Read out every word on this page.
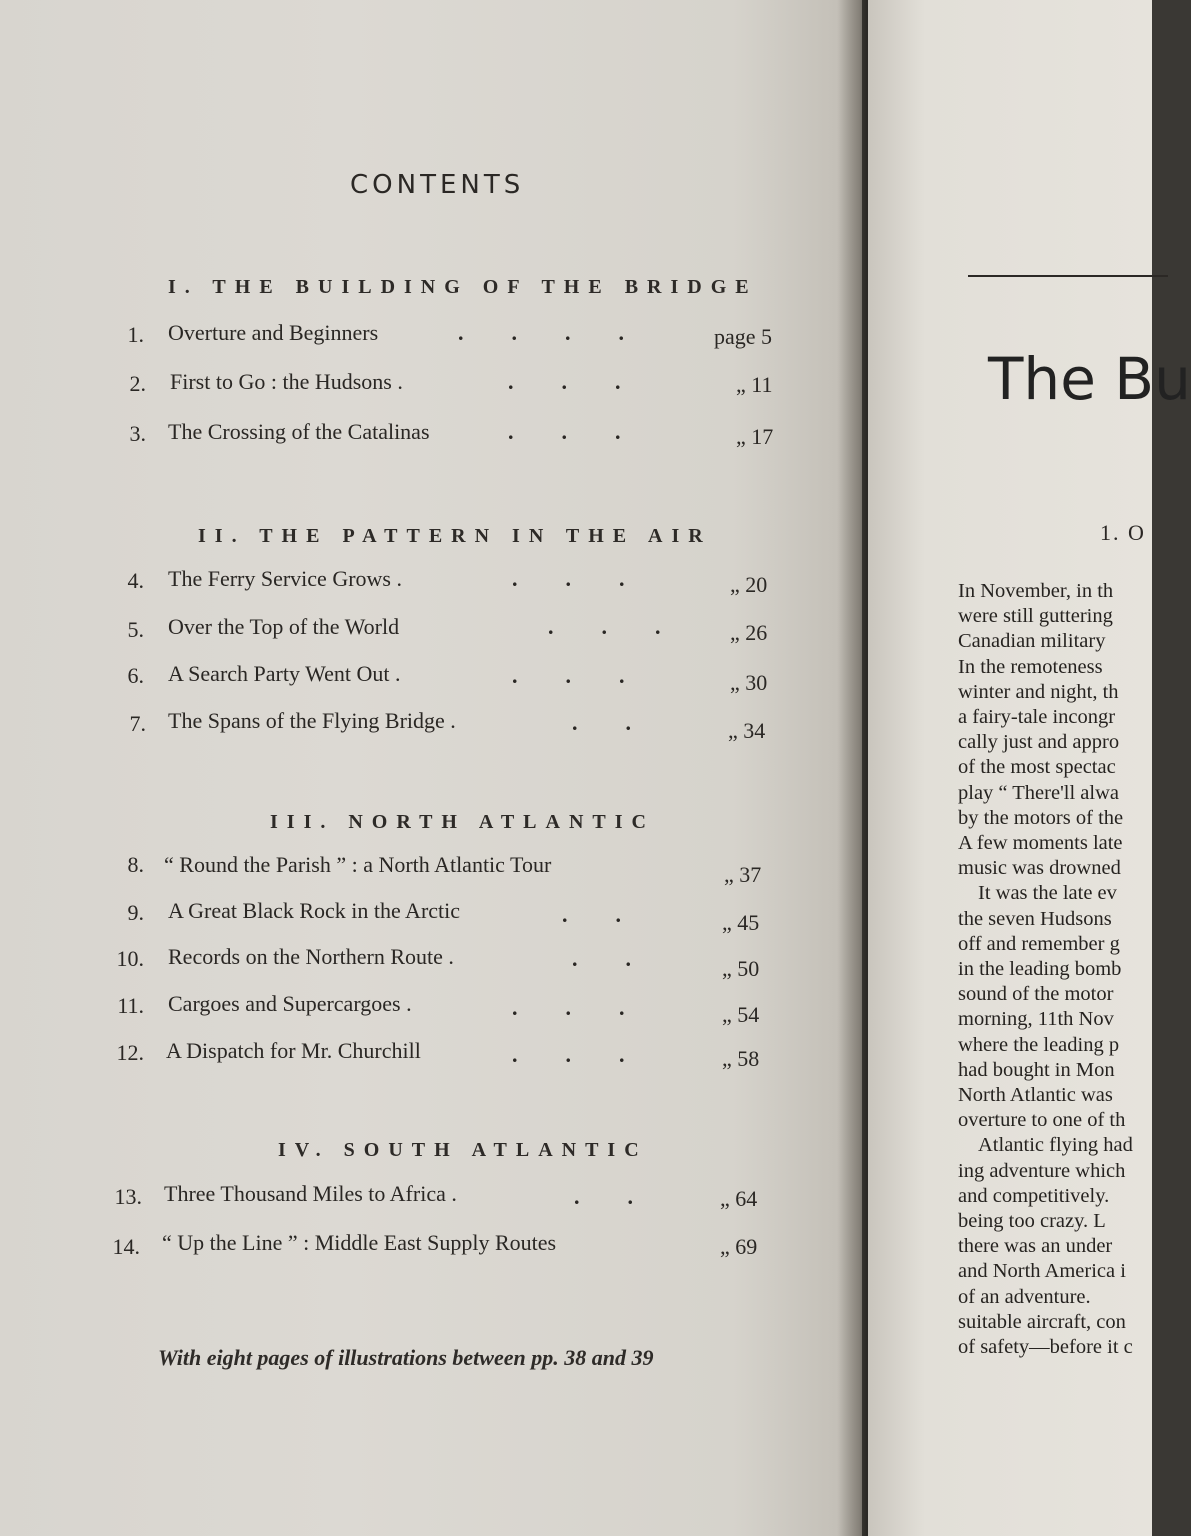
CONTENTS
I. THE BUILDING OF THE BRIDGE
1. Overture and Beginners	.... page 5
2. First to Go : the Hudsons .	...	„ 11
3. The Crossing of the Catalinas	...	„ 17
II. THE PATTERN IN THE AIR
4. The Ferry Service Grows .	...	„ 20
5. Over the Top of the World	... „ 26
6. A Search Party Went Out .	...	„ 30
7. The Spans of the Flying Bridge .	.. „ 34
III. NORTH ATLANTIC
8. “ Round the Parish ” : a North Atlantic Tour	„ 37
9. A Great Black Rock in the Arctic	.. „ 45
10. Records on the Northern Route .	.. „ 50
11. Cargoes and Supercargoes .	... „ 54
12. A Dispatch for Mr. Churchill	... „ 58
IV. SOUTH ATLANTIC
13. Three Thousand Miles to Africa .	.. „ 64
14. “ Up the Line ” : Middle East Supply Routes	„ 69
With eight pages of illustrations between pp. 38 and 39
The Bu
1. O
In November, in th
were still guttering
Canadian military
In the remoteness
winter and night, th
a fairy-tale incongr
cally just and appro
of the most spectac
play “ There'll alwa
by the motors of the
A few moments late
music was drowned
It was the late ev
the seven Hudsons
off and remember g
in the leading bomb
sound of the motor
morning, 11th Nov
where the leading p
had bought in Mon
North Atlantic was
overture to one of th
Atlantic flying had
ing adventure which
and competitively.
being too crazy. L
there was an under
and North America i
of an adventure.
suitable aircraft, con
of safety—before it c
